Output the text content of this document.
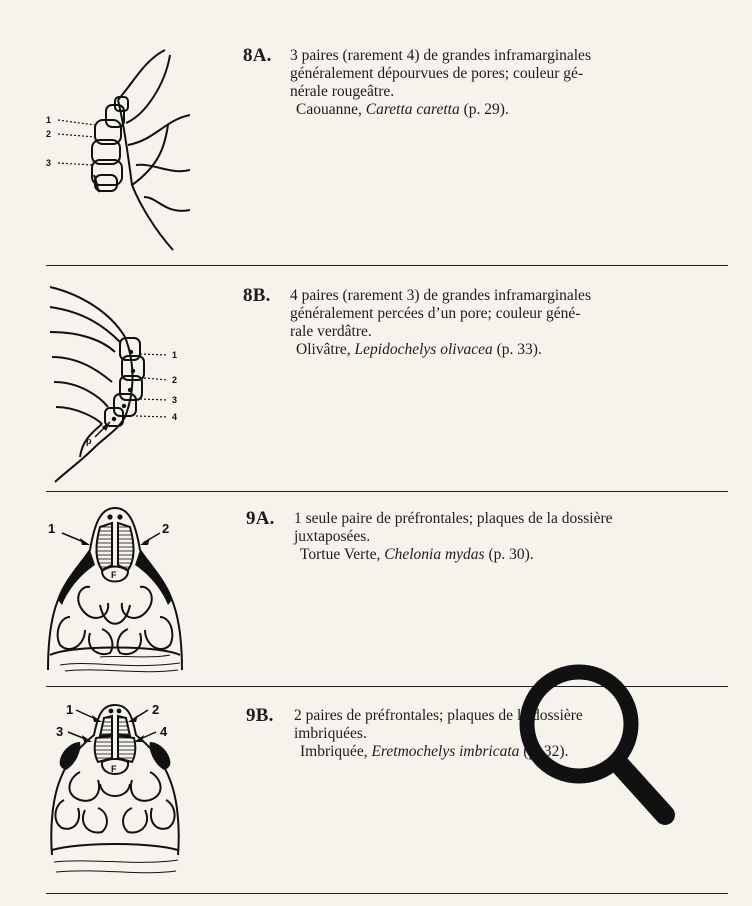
1
2
3
8A. 3 paires (rarement 4) de grandes inframarginales

généralement dépourvues de pores; couleur gé-

nérale rougeâtre.

Caouanne, Caretta caretta (p. 29).

1
2
3
4
p
8B. 4 paires (rarement 3) de grandes inframarginales

généralement percées d’un pore; couleur géné-

rale verdâtre.

Olivâtre, Lepidochelys olivacea (p. 33).

1	2
F
9A. 1 seule paire de préfrontales; plaques de la dossière

juxtaposées.

Tortue Verte, Chelonia mydas (p. 30).

1	2
3	4
F
9B. 2 paires de préfrontales; plaques de la dossière

imbriquées.

Imbriquée, Eretmochelys imbricata (p. 32).
